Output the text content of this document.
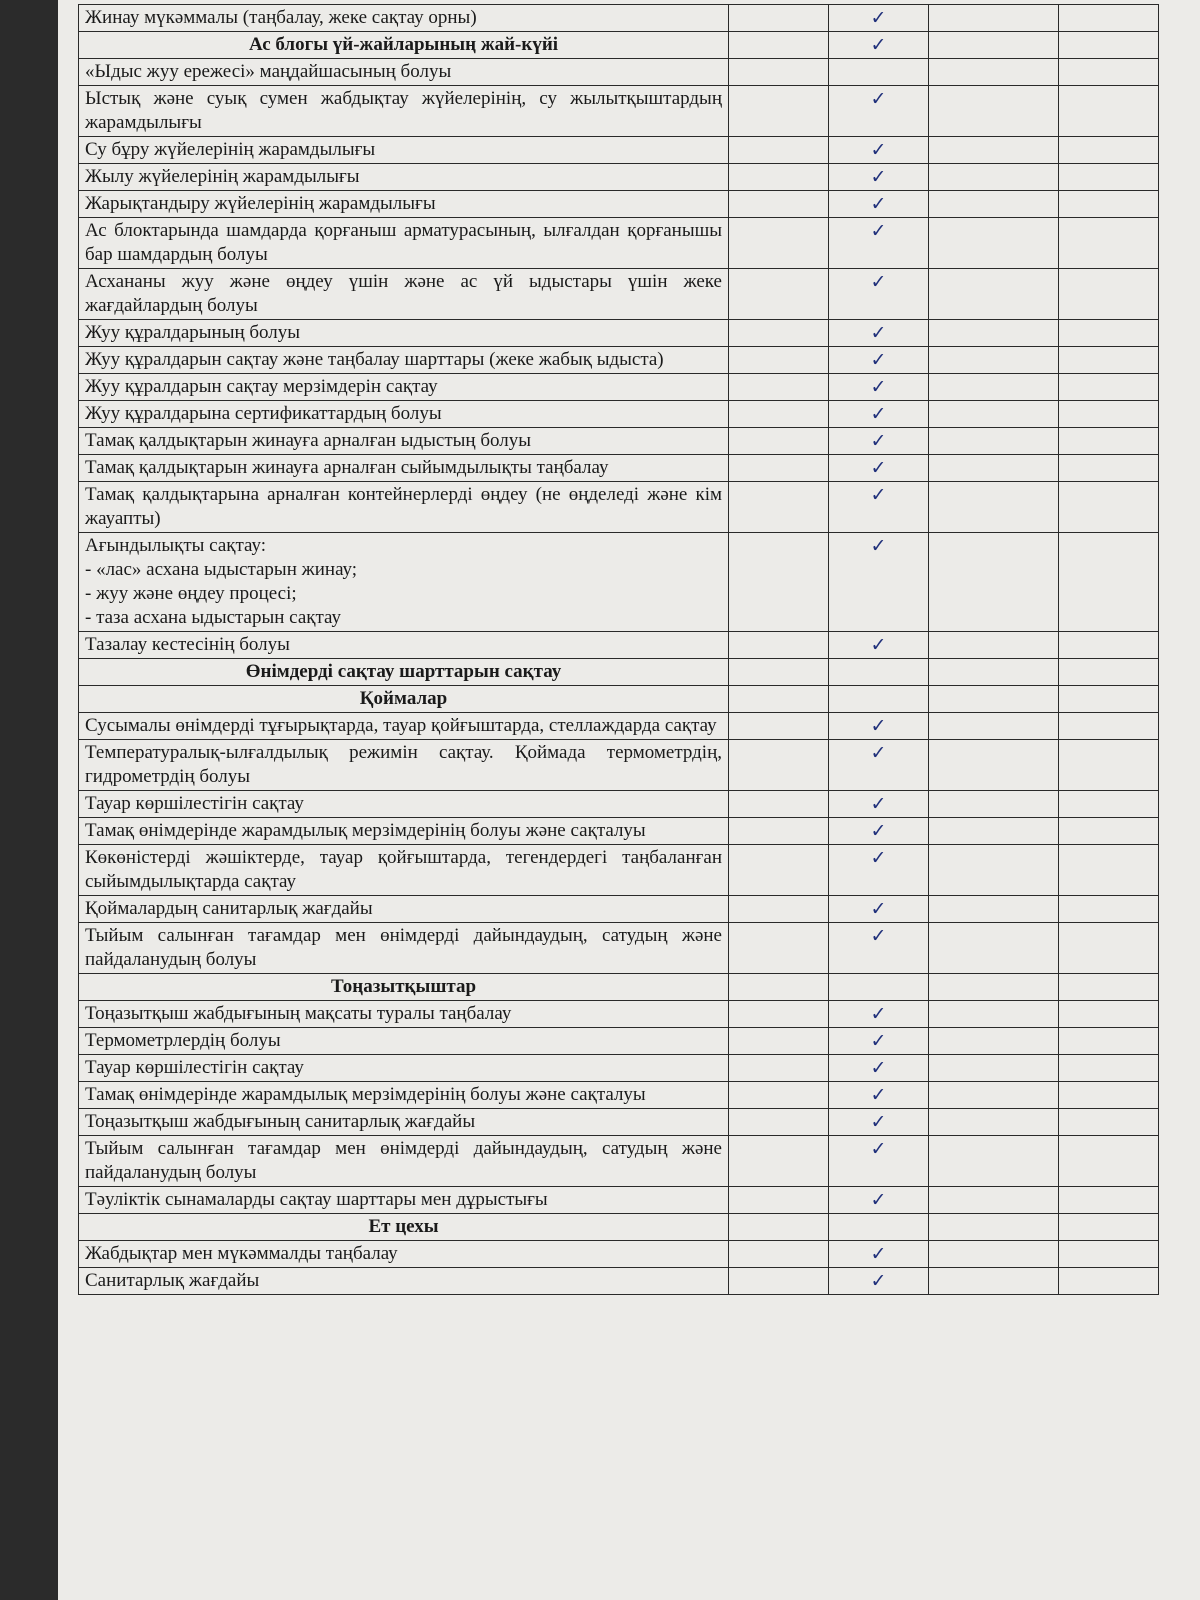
Жинау мүкәммалы (таңбалау, жеке сақтау орны)		✓		
Ас блогы үй-жайларының жай-күйі		✓		
«Ыдыс жуу ережесі» маңдайшасының болуы				
Ыстық және суық сумен жабдықтау жүйелерінің, су жылытқыштардың жарамдылығы		✓		
Су бұру жүйелерінің жарамдылығы		✓		
Жылу жүйелерінің жарамдылығы		✓		
Жарықтандыру жүйелерінің жарамдылығы		✓		
Ас блоктарында шамдарда қорғаныш арматурасының, ылғалдан қорғанышы бар шамдардың болуы		✓		
Асхананы жуу және өңдеу үшін және ас үй ыдыстары үшін жеке жағдайлардың болуы		✓		
Жуу құралдарының болуы		✓		
Жуу құралдарын сақтау және таңбалау шарттары (жеке жабық ыдыста)		✓		
Жуу құралдарын сақтау мерзімдерін сақтау		✓		
Жуу құралдарына сертификаттардың болуы		✓		
Тамақ қалдықтарын жинауға арналған ыдыстың болуы		✓		
Тамақ қалдықтарын жинауға арналған сыйымдылықты таңбалау		✓		
Тамақ қалдықтарына арналған контейнерлерді өңдеу (не өңделеді және кім жауапты)		✓		

Ағындылықты сақтау:
- «лас» асхана ыдыстарын жинау;
- жуу және өңдеу процесі;
- таза асхана ыдыстарын сақтау		✓		
Тазалау кестесінің болуы		✓		
Өнімдерді сақтау шарттарын сақтау				
Қоймалар				
Сусымалы өнімдерді тұғырықтарда, тауар қойғыштарда, стеллаждарда сақтау		✓		
Температуралық-ылғалдылық режимін сақтау. Қоймада термометрдің, гидрометрдің болуы		✓		
Тауар көршілестігін сақтау		✓		
Тамақ өнімдерінде жарамдылық мерзімдерінің болуы және сақталуы		✓		
Көкөністерді жәшіктерде, тауар қойғыштарда, тегендердегі таңбаланған сыйымдылықтарда сақтау		✓		
Қоймалардың санитарлық жағдайы		✓		
Тыйым салынған тағамдар мен өнімдерді дайындаудың, сатудың және пайдаланудың болуы		✓		
Тоңазытқыштар				
Тоңазытқыш жабдығының мақсаты туралы таңбалау		✓		
Термометрлердің болуы		✓		
Тауар көршілестігін сақтау		✓		
Тамақ өнімдерінде жарамдылық мерзімдерінің болуы және сақталуы		✓		
Тоңазытқыш жабдығының санитарлық жағдайы		✓		
Тыйым салынған тағамдар мен өнімдерді дайындаудың, сатудың және пайдаланудың болуы		✓		
Тәуліктік сынамаларды сақтау шарттары мен дұрыстығы		✓		
Ет цехы				
Жабдықтар мен мүкәммалды таңбалау		✓		
Санитарлық жағдайы		✓		
